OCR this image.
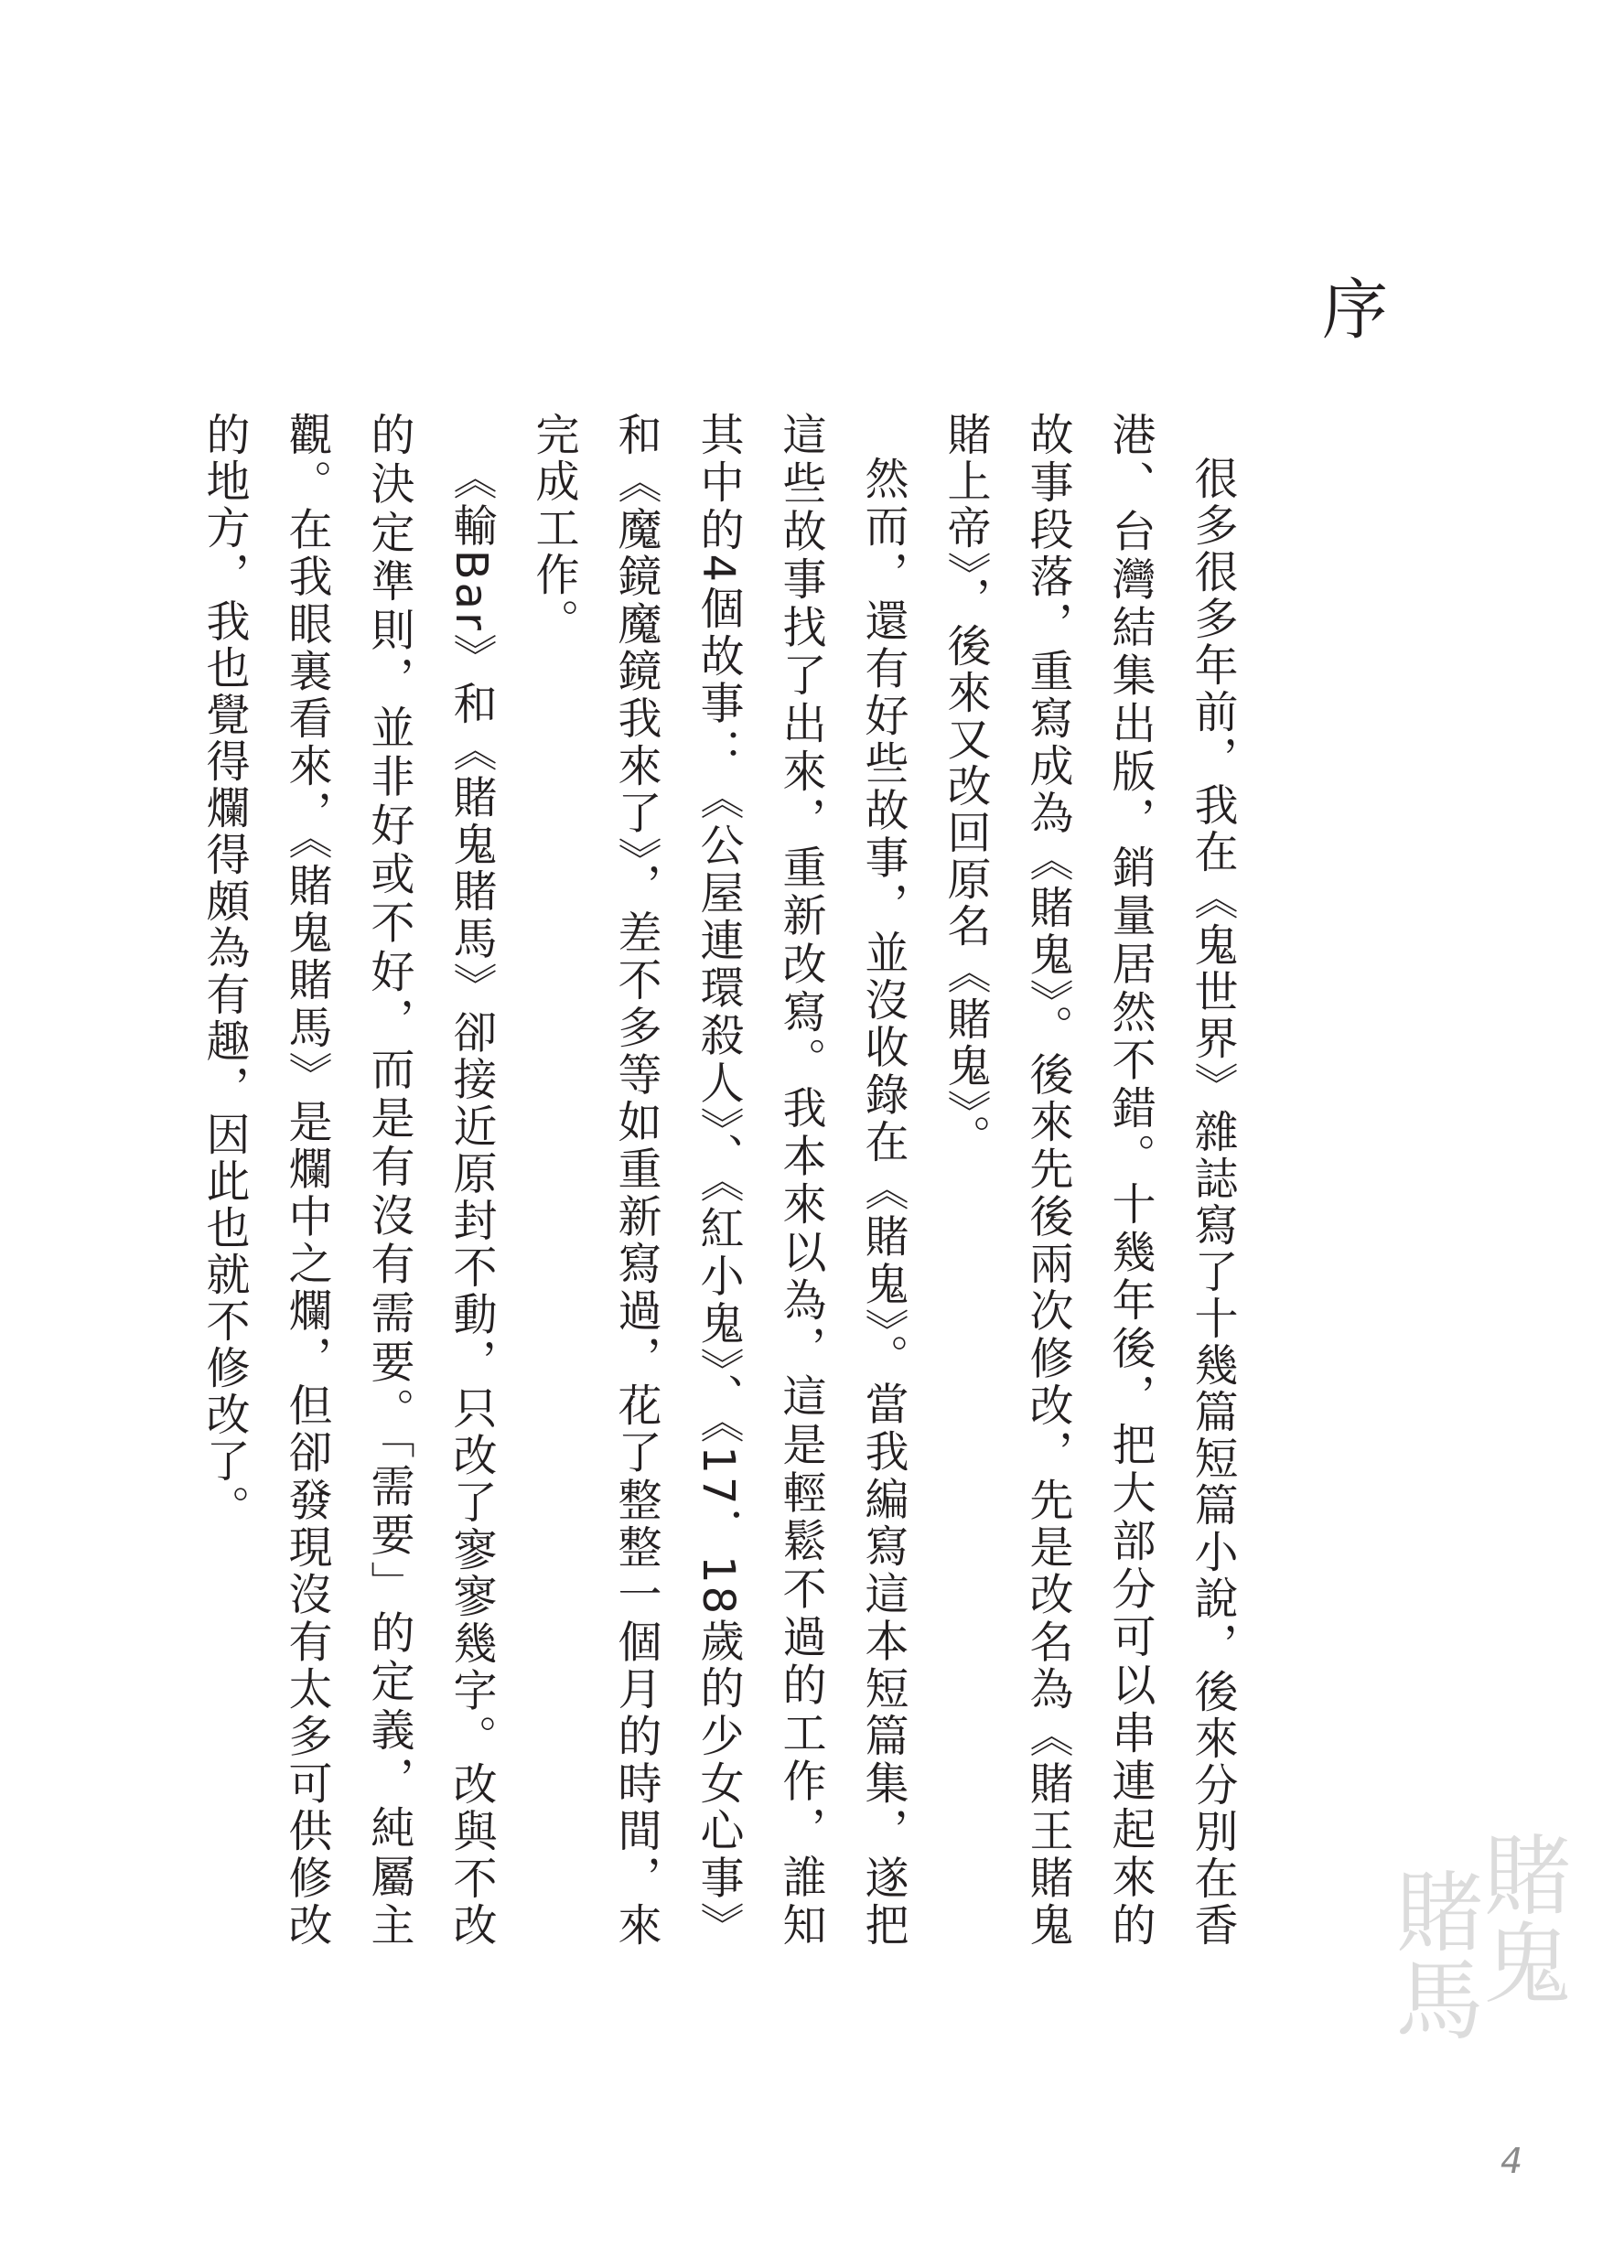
序

很多很多年前，我在《鬼世界》雜誌寫了十幾篇短篇小說，後來分別在香港、台灣結集出版，銷量居然不錯。十幾年後，把大部分可以串連起來的故事段落，重寫成為《賭鬼》。後來先後兩次修改，先是改名為《賭王賭鬼賭上帝》，後來又改回原名《賭鬼》。

然而，還有好些故事，並沒收錄在《賭鬼》。當我編寫這本短篇集，遂把這些故事找了出來，重新改寫。我本來以為，這是輕鬆不過的工作，誰知其中的4個故事：《公屋連環殺人》、《紅小鬼》、《17．18歲的少女心事》和《魔鏡魔鏡我來了》，差不多等如重新寫過，花了整整一個月的時間，來完成工作。

《輸Bar》和《賭鬼賭馬》卻接近原封不動，只改了寥寥幾字。改與不改的決定準則，並非好或不好，而是有沒有需要。「需要」的定義，純屬主觀。在我眼裏看來，《賭鬼賭馬》是爛中之爛，但卻發現沒有太多可供修改的地方，我也覺得爛得頗為有趣，因此也就不修改了。

賭鬼
賭馬
4
